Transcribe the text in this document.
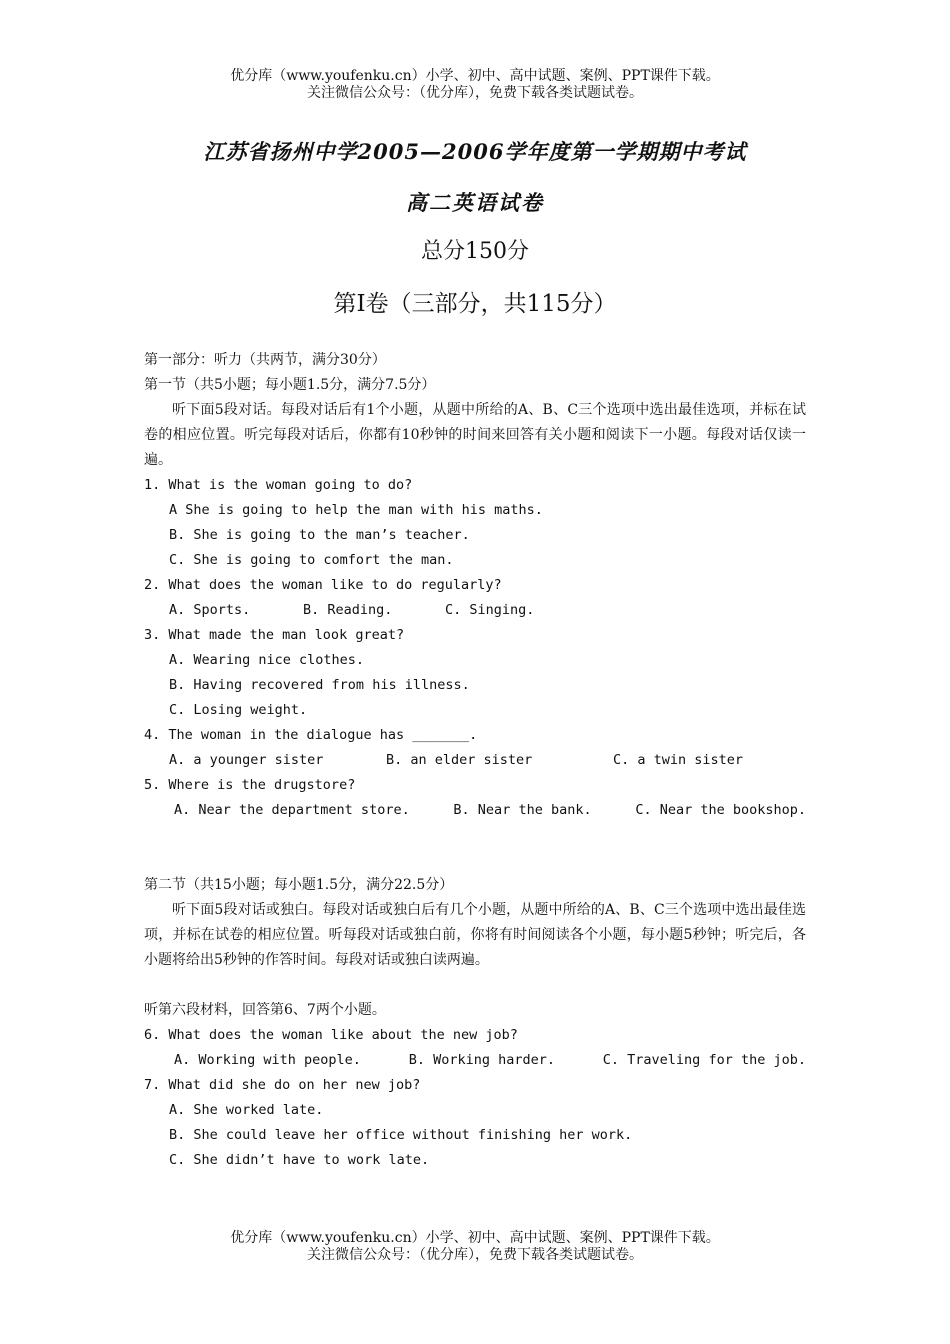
优分库（www.youfenku.cn）小学、初中、高中试题、案例、PPT课件下载。
关注微信公众号：（优分库），免费下载各类试题试卷。
江苏省扬州中学2005—2006学年度第一学期期中考试
高二英语试卷
总分150分
第Ⅰ卷（三部分，共115分）
第一部分：听力（共两节，满分30分）
第一节（共5小题；每小题1.5分，满分7.5分）
听下面5段对话。每段对话后有1个小题，从题中所给的A、B、C三个选项中选出最佳选项，并标在试卷的相应位置。听完每段对话后，你都有10秒钟的时间来回答有关小题和阅读下一小题。每段对话仅读一遍。
1. What is the woman going to do?
A She is going to help the man with his maths.
B. She is going to the man’s teacher.
C. She is going to comfort the man.
2. What does the woman like to do regularly?
A. Sports.	B. Reading.	C. Singing.
3. What made the man look great?
A. Wearing nice clothes.
B. Having recovered from his illness.
C. Losing weight.
4. The woman in the dialogue has _______.
A. a younger sister	B. an elder sister	C. a twin sister
5. Where is the drugstore?
A. Near the department store.	B. Near the bank.	C. Near the bookshop.
第二节（共15小题；每小题1.5分，满分22.5分）
听下面5段对话或独白。每段对话或独白后有几个小题，从题中所给的A、B、C三个选项中选出最佳选项，并标在试卷的相应位置。听每段对话或独白前，你将有时间阅读各个小题，每小题5秒钟；听完后，各小题将给出5秒钟的作答时间。每段对话或独白读两遍。
听第六段材料，回答第6、7两个小题。
6. What does the woman like about the new job?
A. Working with people.	B. Working harder.	C. Traveling for the job.
7. What did she do on her new job?
A. She worked late.
B. She could leave her office without finishing her work.
C. She didn’t have to work late.
优分库（www.youfenku.cn）小学、初中、高中试题、案例、PPT课件下载。
关注微信公众号：（优分库），免费下载各类试题试卷。
